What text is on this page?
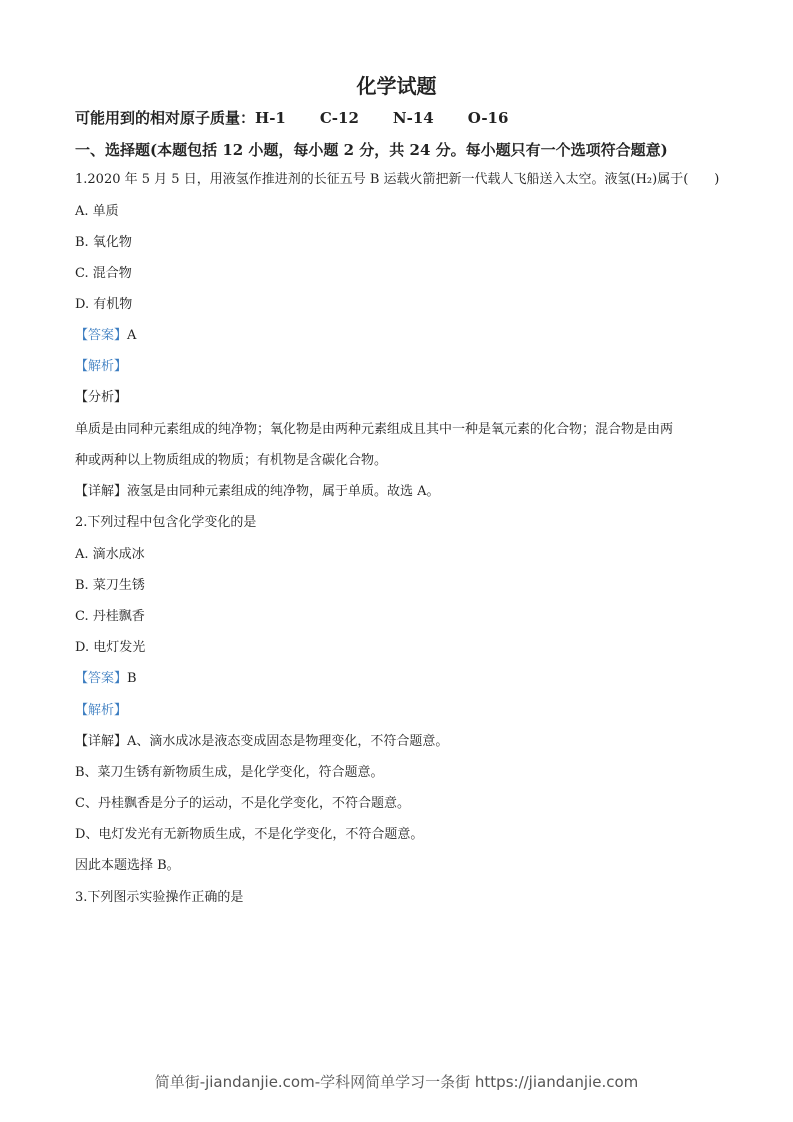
化学试题
可能用到的相对原子质量：H-1 C-12 N-14 O-16
一、选择题(本题包括 12 小题，每小题 2 分，共 24 分。每小题只有一个选项符合题意)
1.2020 年 5 月 5 日，用液氢作推进剂的长征五号 B 运载火箭把新一代载人飞船送入太空。液氢(H₂)属于(　　)
A. 单质
B. 氧化物
C. 混合物
D. 有机物
【答案】A
【解析】
【分析】
单质是由同种元素组成的纯净物；氧化物是由两种元素组成且其中一种是氧元素的化合物；混合物是由两
种或两种以上物质组成的物质；有机物是含碳化合物。
【详解】液氢是由同种元素组成的纯净物，属于单质。故选 A。
2.下列过程中包含化学变化的是
A. 滴水成冰
B. 菜刀生锈
C. 丹桂飘香
D. 电灯发光
【答案】B
【解析】
【详解】A、滴水成冰是液态变成固态是物理变化，不符合题意。
B、菜刀生锈有新物质生成，是化学变化，符合题意。
C、丹桂飘香是分子的运动，不是化学变化，不符合题意。
D、电灯发光有无新物质生成，不是化学变化，不符合题意。
因此本题选择 B。
3.下列图示实验操作正确的是
简单街-jiandanjie.com-学科网简单学习一条街 https://jiandanjie.com
